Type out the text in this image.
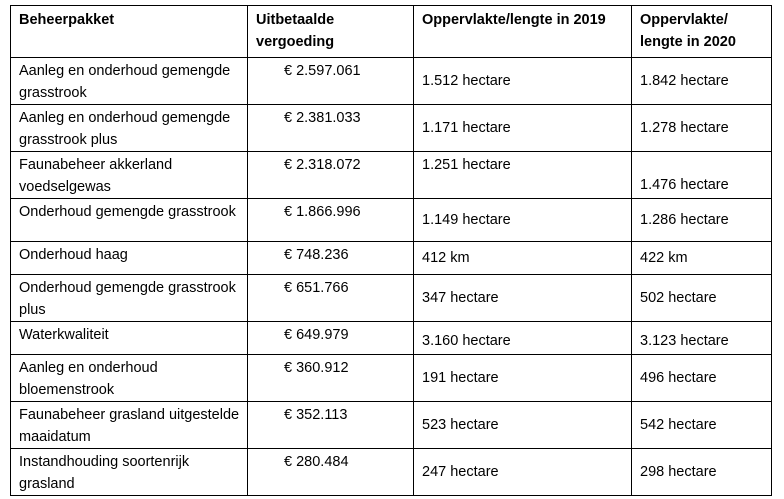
Beheerpakket	Uitbetaalde vergoeding	Oppervlakte/lengte in 2019	Oppervlakte/ lengte in 2020
Aanleg en onderhoud gemengde grasstrook	€ 2.597.061	1.512 hectare	1.842 hectare
Aanleg en onderhoud gemengde grasstrook plus	€ 2.381.033	1.171 hectare	1.278 hectare
Faunabeheer akkerland voedselgewas	€ 2.318.072	1.251 hectare	1.476 hectare
Onderhoud gemengde grasstrook	€ 1.866.996	1.149 hectare	1.286 hectare
Onderhoud haag	€ 748.236	412 km	422 km
Onderhoud gemengde grasstrook plus	€ 651.766	347 hectare	502 hectare
Waterkwaliteit	€ 649.979	3.160 hectare	3.123 hectare
Aanleg en onderhoud bloemenstrook	€ 360.912	191 hectare	496 hectare
Faunabeheer grasland uitgestelde maaidatum	€ 352.113	523 hectare	542 hectare
Instandhouding soortenrijk grasland	€ 280.484	247 hectare	298 hectare
